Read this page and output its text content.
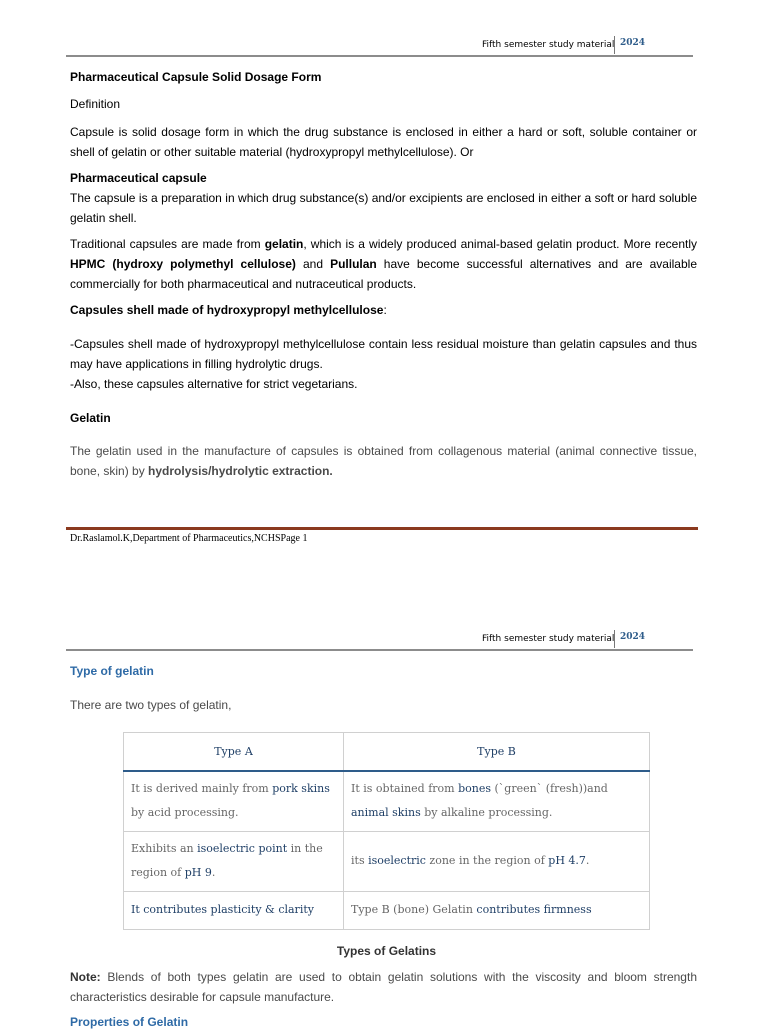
Fifth semester study material 2024
Pharmaceutical Capsule Solid Dosage Form
Definition
Capsule is solid dosage form in which the drug substance is enclosed in either a hard or soft, soluble container or shell of gelatin or other suitable material (hydroxypropyl methylcellulose). Or
Pharmaceutical capsule
The capsule is a preparation in which drug substance(s) and/or excipients are enclosed in either a soft or hard soluble gelatin shell.
Traditional capsules are made from gelatin, which is a widely produced animal-based gelatin product. More recently HPMC (hydroxy polymethyl cellulose) and Pullulan have become successful alternatives and are available commercially for both pharmaceutical and nutraceutical products.
Capsules shell made of hydroxypropyl methylcellulose:
-Capsules shell made of hydroxypropyl methylcellulose contain less residual moisture than gelatin capsules and thus may have applications in filling hydrolytic drugs.
-Also, these capsules alternative for strict vegetarians.
Gelatin
The gelatin used in the manufacture of capsules is obtained from collagenous material (animal connective tissue, bone, skin) by hydrolysis/hydrolytic extraction.
Dr.Raslamol.K,Department of Pharmaceutics,NCHSPage 1
Fifth semester study material 2024
Type of gelatin
There are two types of gelatin,
Type A	Type B
It is derived mainly from pork skins by acid processing.	It is obtained from bones (`green` (fresh))and animal skins by alkaline processing.
Exhibits an isoelectric point in the region of pH 9.	its isoelectric zone in the region of pH 4.7.
It contributes plasticity & clarity	Type B (bone) Gelatin contributes firmness
Types of Gelatins
Note: Blends of both types gelatin are used to obtain gelatin solutions with the viscosity and bloom strength characteristics desirable for capsule manufacture.
Properties of Gelatin
